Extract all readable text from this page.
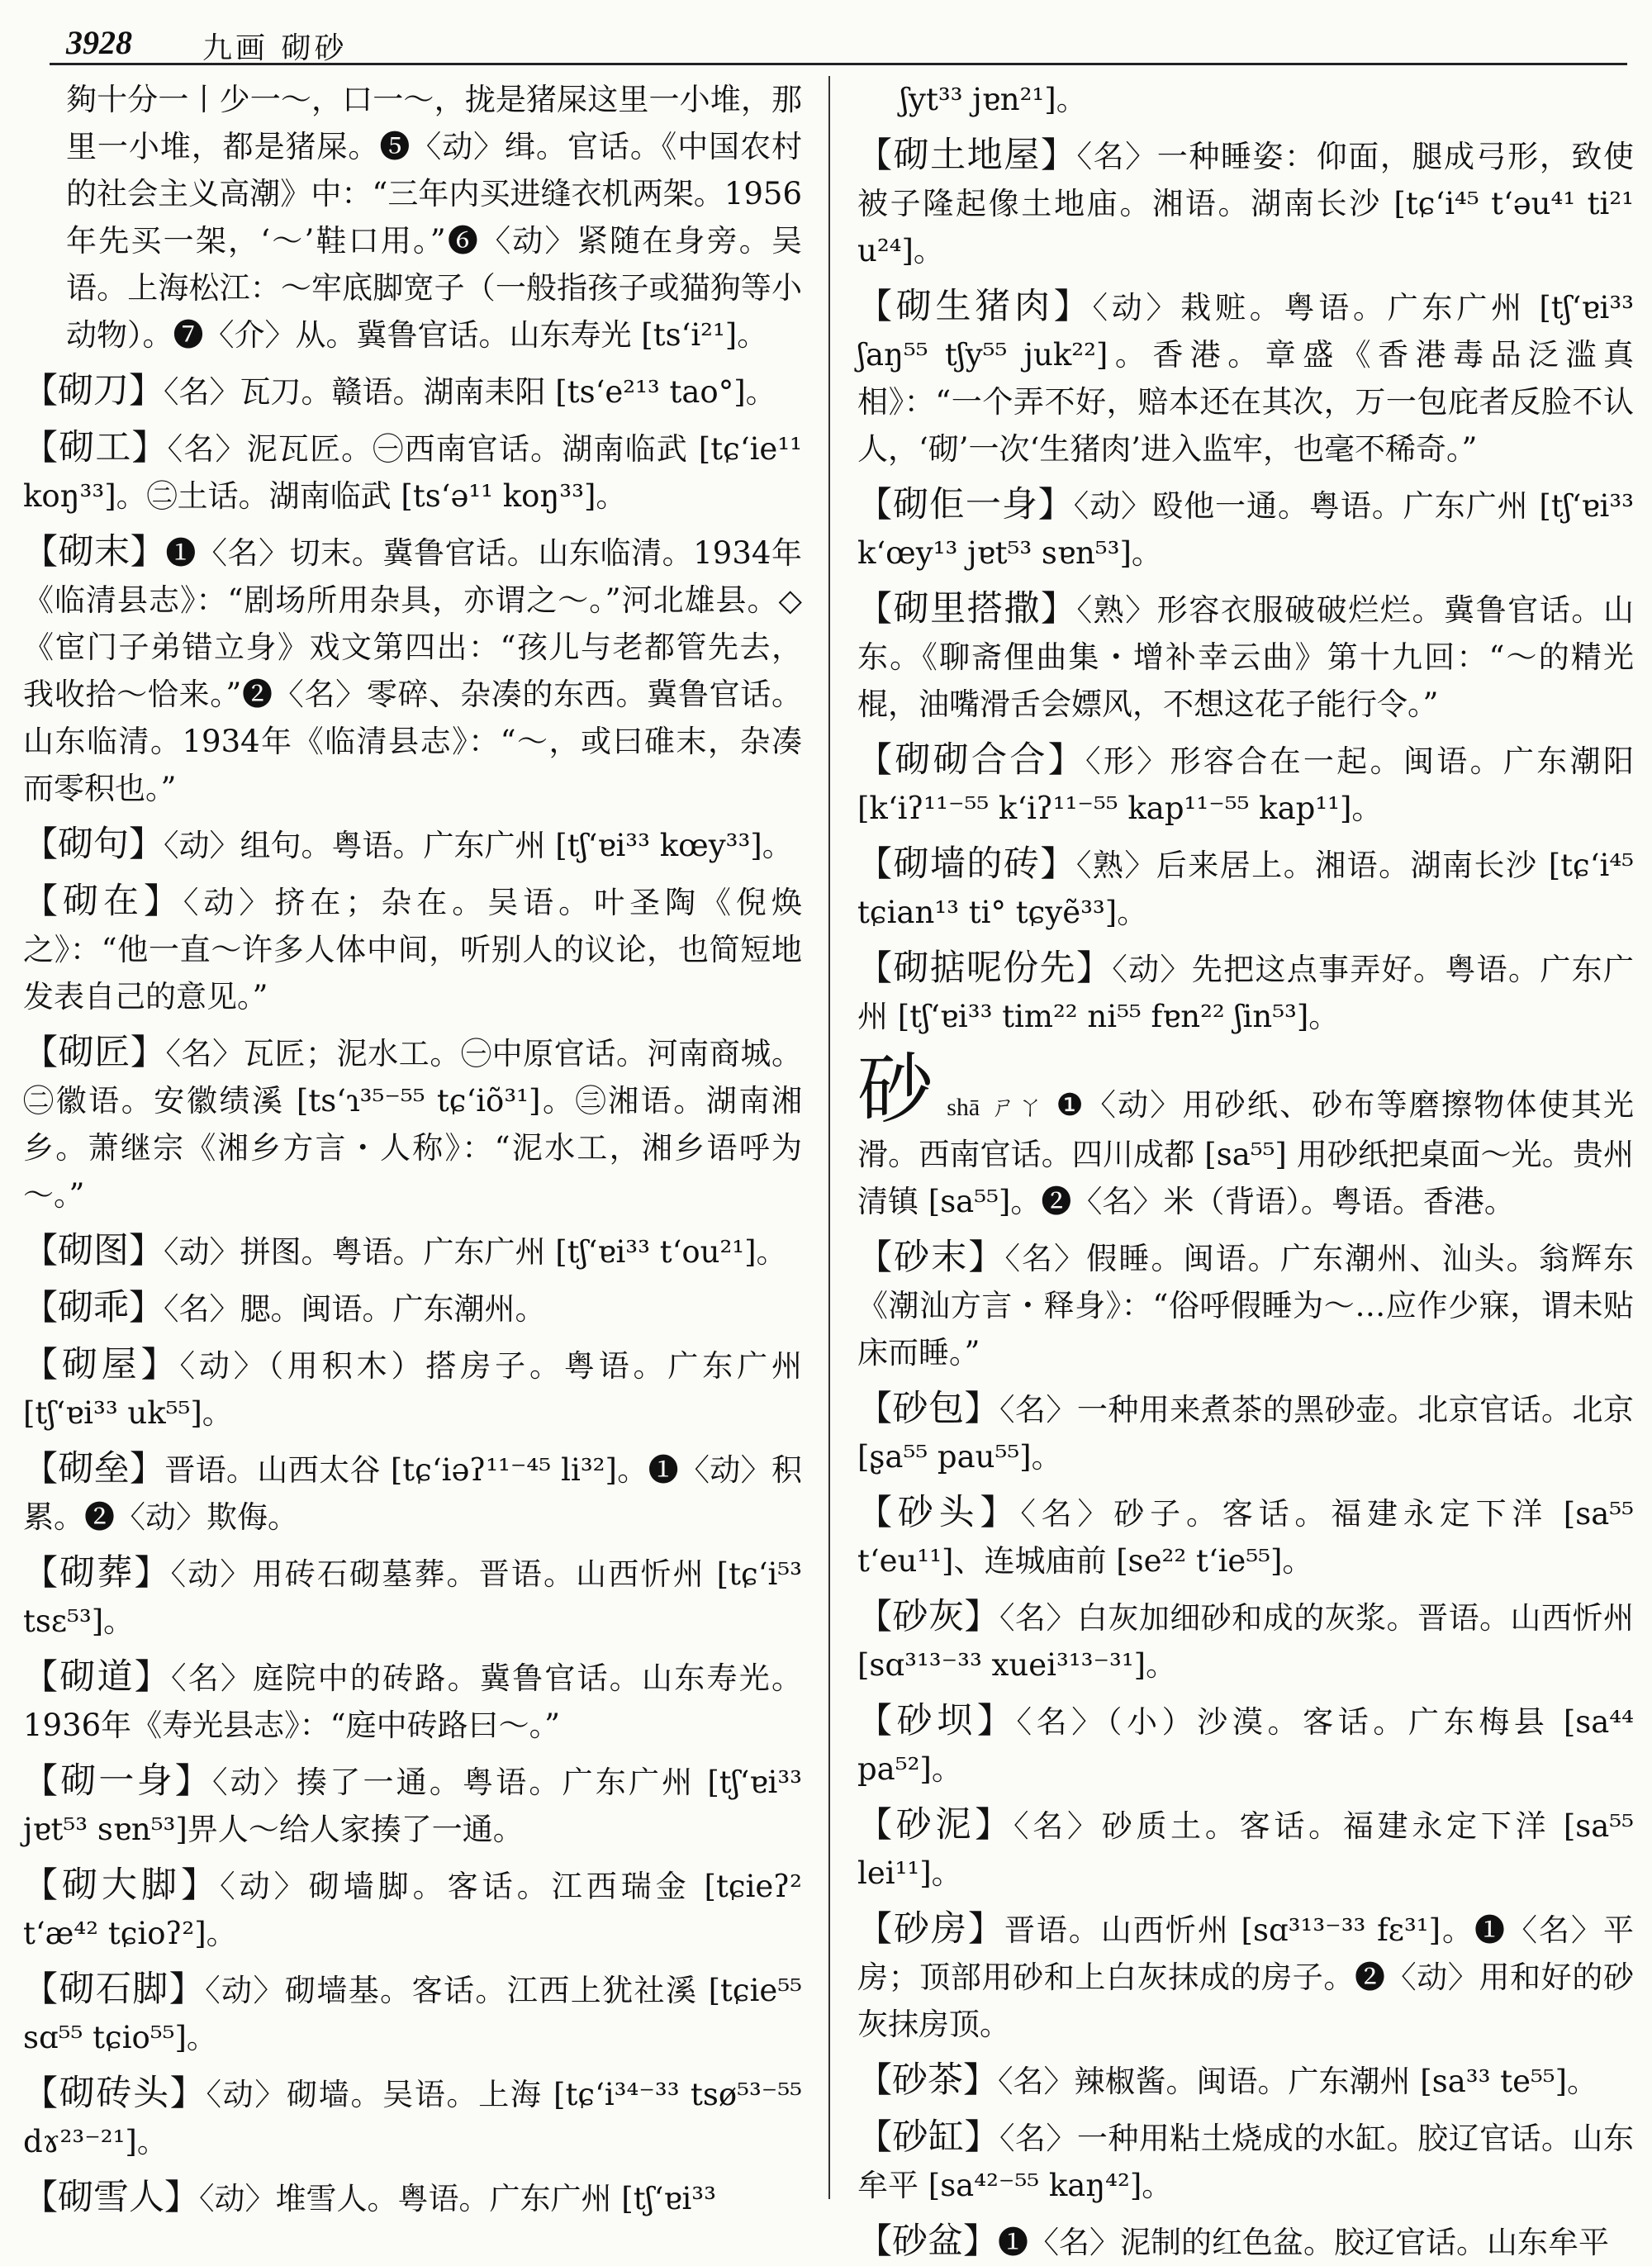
3928 九画 砌砂

夠十分一丨少一～，口一～，拢是猪屎这里一小堆，那里一小堆，都是猪屎。❺〈动〉缉。官话。《中国农村的社会主义高潮》中：“三年内买进缝衣机两架。1956年先买一架，‘～’鞋口用。”❻〈动〉紧随在身旁。吴语。上海松江：～牢底脚宽子（一般指孩子或猫狗等小动物）。❼〈介〉从。冀鲁官话。山东寿光 [tsʻi²¹]。

【砌刀】〈名〉瓦刀。赣语。湖南耒阳 [tsʻe²¹³ tao°]。

【砌工】〈名〉泥瓦匠。㊀西南官话。湖南临武 [tɕʻie¹¹ koŋ³³]。㊁土话。湖南临武 [tsʻə¹¹ koŋ³³]。

【砌末】❶〈名〉切末。冀鲁官话。山东临清。1934年《临清县志》：“剧场所用杂具，亦谓之～。”河北雄县。◇《宦门子弟错立身》戏文第四出：“孩儿与老都管先去，我收拾～恰来。”❷〈名〉零碎、杂凑的东西。冀鲁官话。山东临清。1934年《临清县志》：“～，或曰碓末，杂凑而零积也。”

【砌句】〈动〉组句。粤语。广东广州 [tʃʻɐi³³ kœy³³]。

【砌在】〈动〉挤在；杂在。吴语。叶圣陶《倪焕之》：“他一直～许多人体中间，听别人的议论，也简短地发表自己的意见。”

【砌匠】〈名〉瓦匠；泥水工。㊀中原官话。河南商城。㊁徽语。安徽绩溪 [tsʻɿ³⁵⁻⁵⁵ tɕʻiõ³¹]。㊂湘语。湖南湘乡。萧继宗《湘乡方言・人称》：“泥水工，湘乡语呼为～。”

【砌图】〈动〉拼图。粤语。广东广州 [tʃʻɐi³³ tʻou²¹]。

【砌乖】〈名〉腮。闽语。广东潮州。

【砌屋】〈动〉（用积木）搭房子。粤语。广东广州 [tʃʻɐi³³ uk⁵⁵]。

【砌垒】晋语。山西太谷 [tɕʻiəʔ¹¹⁻⁴⁵ li³²]。❶〈动〉积累。❷〈动〉欺侮。

【砌葬】〈动〉用砖石砌墓葬。晋语。山西忻州 [tɕʻi⁵³ tsɛ⁵³]。

【砌道】〈名〉庭院中的砖路。冀鲁官话。山东寿光。1936年《寿光县志》：“庭中砖路曰～。”

【砌一身】〈动〉揍了一通。粤语。广东广州 [tʃʻɐi³³ jɐt⁵³ sɐn⁵³]畀人～给人家揍了一通。

【砌大脚】〈动〉砌墙脚。客话。江西瑞金 [tɕieʔ² tʻæ⁴² tɕioʔ²]。

【砌石脚】〈动〉砌墙基。客话。江西上犹社溪 [tɕie⁵⁵ sɑ⁵⁵ tɕio⁵⁵]。

【砌砖头】〈动〉砌墙。吴语。上海 [tɕʻi³⁴⁻³³ tsø⁵³⁻⁵⁵ dɤ²³⁻²¹]。

【砌雪人】〈动〉堆雪人。粤语。广东广州 [tʃʻɐi³³

ʃyt³³ jɐn²¹]。

【砌土地屋】〈名〉一种睡姿：仰面，腿成弓形，致使被子隆起像土地庙。湘语。湖南长沙 [tɕʻi⁴⁵ tʻəu⁴¹ ti²¹ u²⁴]。

【砌生猪肉】〈动〉栽赃。粤语。广东广州 [tʃʻɐi³³ ʃaŋ⁵⁵ tʃy⁵⁵ juk²²]。香港。章盛《香港毒品泛滥真相》：“一个弄不好，赔本还在其次，万一包庇者反脸不认人，‘砌’一次‘生猪肉’进入监牢，也毫不稀奇。”

【砌佢一身】〈动〉殴他一通。粤语。广东广州 [tʃʻɐi³³ kʻœy¹³ jɐt⁵³ sɐn⁵³]。

【砌里搭撒】〈熟〉形容衣服破破烂烂。冀鲁官话。山东。《聊斋俚曲集・增补幸云曲》第十九回：“～的精光棍，油嘴滑舌会嫖风，不想这花子能行令。”

【砌砌合合】〈形〉形容合在一起。闽语。广东潮阳 [kʻiʔ¹¹⁻⁵⁵ kʻiʔ¹¹⁻⁵⁵ kap¹¹⁻⁵⁵ kap¹¹]。

【砌墙的砖】〈熟〉后来居上。湘语。湖南长沙 [tɕʻi⁴⁵ tɕian¹³ ti° tɕyẽ³³]。

【砌掂呢份先】〈动〉先把这点事弄好。粤语。广东广州 [tʃʻɐi³³ tim²² ni⁵⁵ fɐn²² ʃin⁵³]。

砂shā ㄕㄚ ❶〈动〉用砂纸、砂布等磨擦物体使其光滑。西南官话。四川成都 [sa⁵⁵] 用砂纸把桌面～光。贵州清镇 [sa⁵⁵]。❷〈名〉米（背语）。粤语。香港。

【砂末】〈名〉假睡。闽语。广东潮州、汕头。翁辉东《潮汕方言・释身》：“俗呼假睡为～…应作少寐，谓未贴床而睡。”

【砂包】〈名〉一种用来煮茶的黑砂壶。北京官话。北京 [ʂa⁵⁵ pau⁵⁵]。

【砂头】〈名〉砂子。客话。福建永定下洋 [sa⁵⁵ tʻeu¹¹]、连城庙前 [se²² tʻie⁵⁵]。

【砂灰】〈名〉白灰加细砂和成的灰浆。晋语。山西忻州 [sɑ³¹³⁻³³ xuei³¹³⁻³¹]。

【砂坝】〈名〉（小）沙漠。客话。广东梅县 [sa⁴⁴ pa⁵²]。

【砂泥】〈名〉砂质土。客话。福建永定下洋 [sa⁵⁵ lei¹¹]。

【砂房】晋语。山西忻州 [sɑ³¹³⁻³³ fɛ³¹]。❶〈名〉平房；顶部用砂和上白灰抹成的房子。❷〈动〉用和好的砂灰抹房顶。

【砂茶】〈名〉辣椒酱。闽语。广东潮州 [sa³³ te⁵⁵]。

【砂缸】〈名〉一种用粘土烧成的水缸。胶辽官话。山东牟平 [sa⁴²⁻⁵⁵ kaŋ⁴²]。

【砂盆】❶〈名〉泥制的红色盆。胶辽官话。山东牟平
